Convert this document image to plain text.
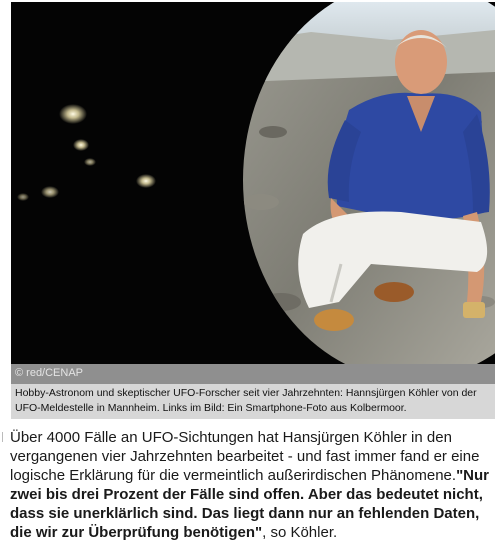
© red/CENAP
Hobby-Astronom und skeptischer UFO-Forscher seit vier Jahrzehnten: Hannsjürgen Köhler von der UFO-Meldestelle in Mannheim. Links im Bild: Ein Smartphone-Foto aus Kolbermoor.

Über 4000 Fälle an UFO-Sichtungen hat Hansjürgen Köhler in den vergangenen vier Jahrzehnten bearbeitet - und fast immer fand er eine logische Erklärung für die vermeintlich außerirdischen Phänomene."Nur zwei bis drei Prozent der Fälle sind offen. Aber das bedeutet nicht, dass sie unerklärlich sind. Das liegt dann nur an fehlenden Daten, die wir zur Überprüfung benötigen", so Köhler.
